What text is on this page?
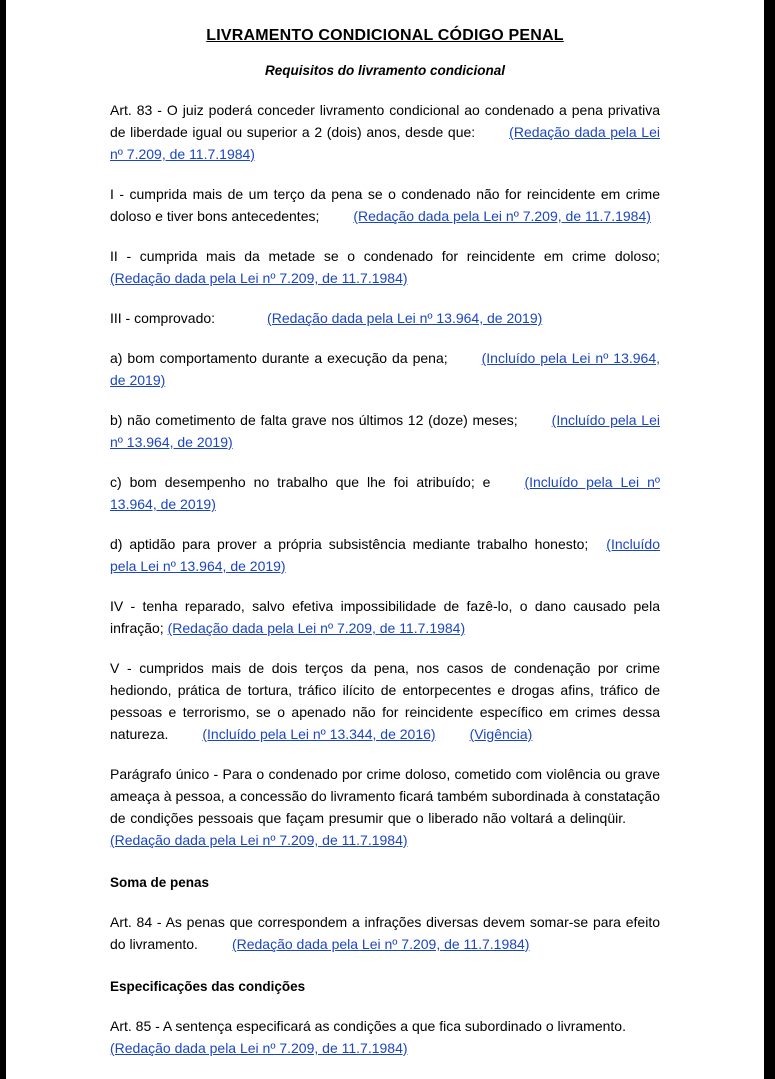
LIVRAMENTO CONDICIONAL CÓDIGO PENAL
Requisitos do livramento condicional

Art. 83 - O juiz poderá conceder livramento condicional ao condenado a pena privativa de liberdade igual ou superior a 2 (dois) anos, desde que: (Redação dada pela Lei nº 7.209, de 11.7.1984)

I - cumprida mais de um terço da pena se o condenado não for reincidente em crime doloso e tiver bons antecedentes; (Redação dada pela Lei nº 7.209, de 11.7.1984)

II - cumprida mais da metade se o condenado for reincidente em crime doloso; (Redação dada pela Lei nº 7.209, de 11.7.1984)

III - comprovado:	(Redação dada pela Lei nº 13.964, de 2019)

a) bom comportamento durante a execução da pena; (Incluído pela Lei nº 13.964, de 2019)

b) não cometimento de falta grave nos últimos 12 (doze) meses; (Incluído pela Lei nº 13.964, de 2019)

c) bom desempenho no trabalho que lhe foi atribuído; e (Incluído pela Lei nº 13.964, de 2019)

d) aptidão para prover a própria subsistência mediante trabalho honesto; (Incluído pela Lei nº 13.964, de 2019)

IV - tenha reparado, salvo efetiva impossibilidade de fazê-lo, o dano causado pela infração; (Redação dada pela Lei nº 7.209, de 11.7.1984)

V - cumpridos mais de dois terços da pena, nos casos de condenação por crime hediondo, prática de tortura, tráfico ilícito de entorpecentes e drogas afins, tráfico de pessoas e terrorismo, se o apenado não for reincidente específico em crimes dessa natureza. (Incluído pela Lei nº 13.344, de 2016) (Vigência)

Parágrafo único - Para o condenado por crime doloso, cometido com violência ou grave ameaça à pessoa, a concessão do livramento ficará também subordinada à constatação de condições pessoais que façam presumir que o liberado não voltará a delinqüir.(Redação dada pela Lei nº 7.209, de 11.7.1984)

Soma de penas

Art. 84 - As penas que correspondem a infrações diversas devem somar-se para efeito do livramento. (Redação dada pela Lei nº 7.209, de 11.7.1984)

Especificações das condições

Art. 85 - A sentença especificará as condições a que fica subordinado o livramento.(Redação dada pela Lei nº 7.209, de 11.7.1984)
